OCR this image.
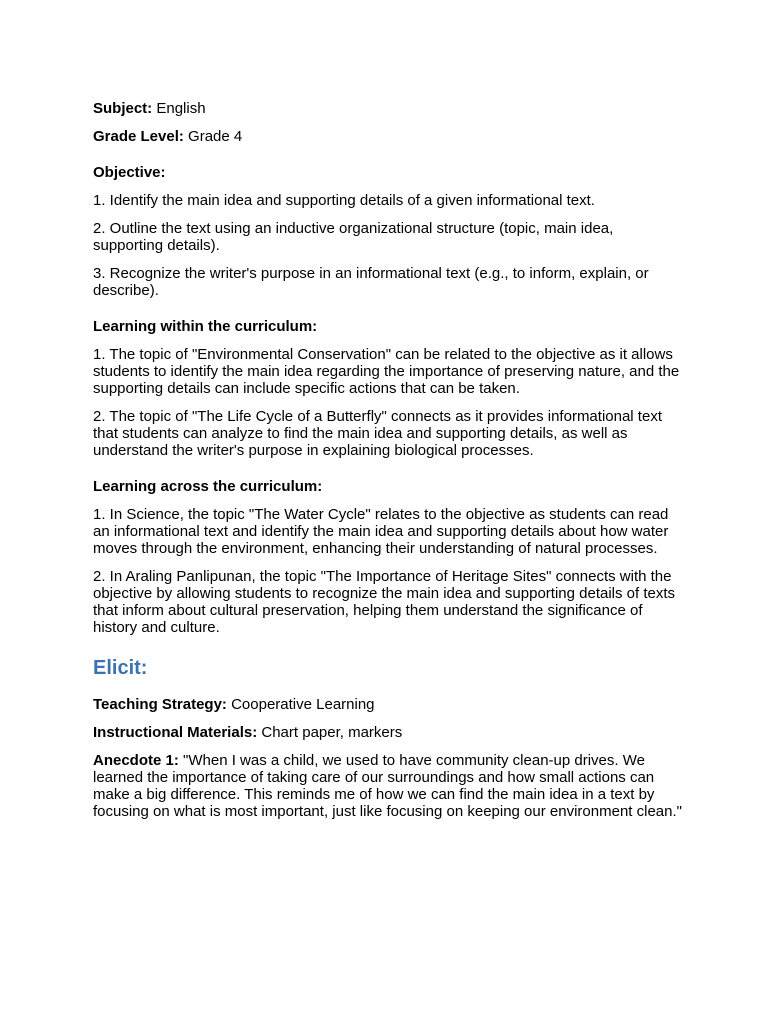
Subject: English

Grade Level: Grade 4

Objective:

1. Identify the main idea and supporting details of a given informational text.

2. Outline the text using an inductive organizational structure (topic, main idea, supporting details).

3. Recognize the writer's purpose in an informational text (e.g., to inform, explain, or describe).

Learning within the curriculum:

1. The topic of "Environmental Conservation" can be related to the objective as it allows students to identify the main idea regarding the importance of preserving nature, and the supporting details can include specific actions that can be taken.

2. The topic of "The Life Cycle of a Butterfly" connects as it provides informational text that students can analyze to find the main idea and supporting details, as well as understand the writer's purpose in explaining biological processes.

Learning across the curriculum:

1. In Science, the topic "The Water Cycle" relates to the objective as students can read an informational text and identify the main idea and supporting details about how water moves through the environment, enhancing their understanding of natural processes.

2. In Araling Panlipunan, the topic "The Importance of Heritage Sites" connects with the objective by allowing students to recognize the main idea and supporting details of texts that inform about cultural preservation, helping them understand the significance of history and culture.

Elicit:

Teaching Strategy: Cooperative Learning

Instructional Materials: Chart paper, markers

Anecdote 1: "When I was a child, we used to have community clean-up drives. We learned the importance of taking care of our surroundings and how small actions can make a big difference. This reminds me of how we can find the main idea in a text by focusing on what is most important, just like focusing on keeping our environment clean."
